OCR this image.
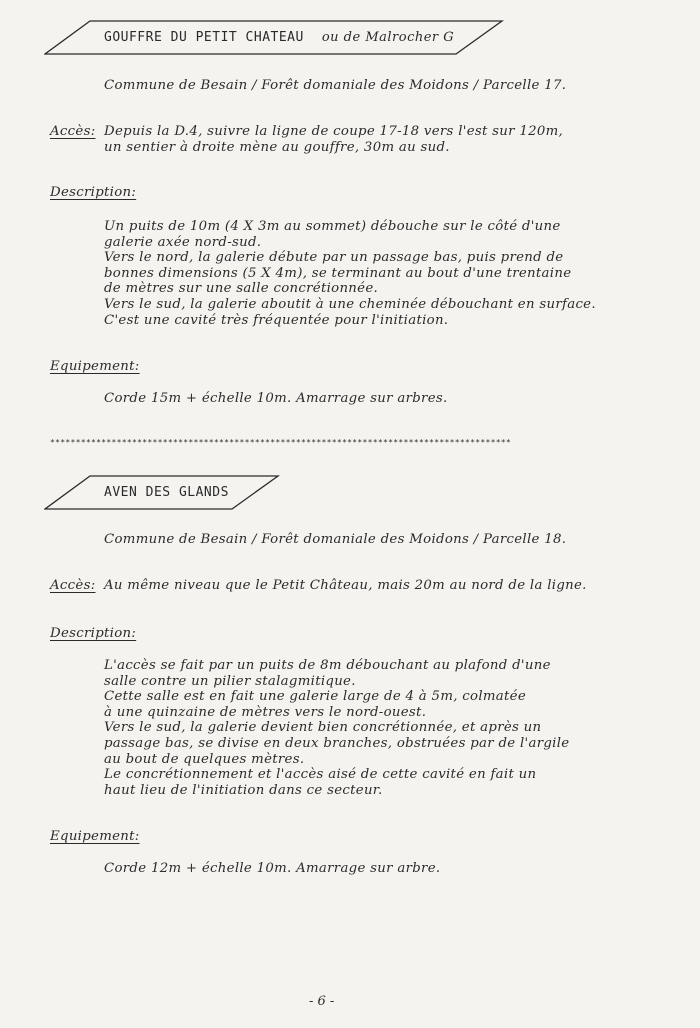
GOUFFRE DU PETIT CHATEAU ou de Malrocher G
Commune de Besain / Forêt domaniale des Moidons / Parcelle 17.
Accès: Depuis la D.4, suivre la ligne de coupe 17-18 vers l'est sur 120m,
un sentier à droite mène au gouffre, 30m au sud.
Description:
Un puits de 10m (4 X 3m au sommet) débouche sur le côté d'une
galerie axée nord-sud.
Vers le nord, la galerie débute par un passage bas, puis prend de
bonnes dimensions (5 X 4m), se terminant au bout d'une trentaine
de mètres sur une salle concrétionnée.
Vers le sud, la galerie aboutit à une cheminée débouchant en surface.
C'est une cavité très fréquentée pour l'initiation.
Equipement:
Corde 15m + échelle 10m. Amarrage sur arbres.
******************************************************************************************
AVEN DES GLANDS
Commune de Besain / Forêt domaniale des Moidons / Parcelle 18.
Accès: Au même niveau que le Petit Château, mais 20m au nord de la ligne.
Description:
L'accès se fait par un puits de 8m débouchant au plafond d'une
salle contre un pilier stalagmitique.
Cette salle est en fait une galerie large de 4 à 5m, colmatée
à une quinzaine de mètres vers le nord-ouest.
Vers le sud, la galerie devient bien concrétionnée, et après un
passage bas, se divise en deux branches, obstruées par de l'argile
au bout de quelques mètres.
Le concrétionnement et l'accès aisé de cette cavité en fait un
haut lieu de l'initiation dans ce secteur.
Equipement:
Corde 12m + échelle 10m. Amarrage sur arbre.
- 6 -
